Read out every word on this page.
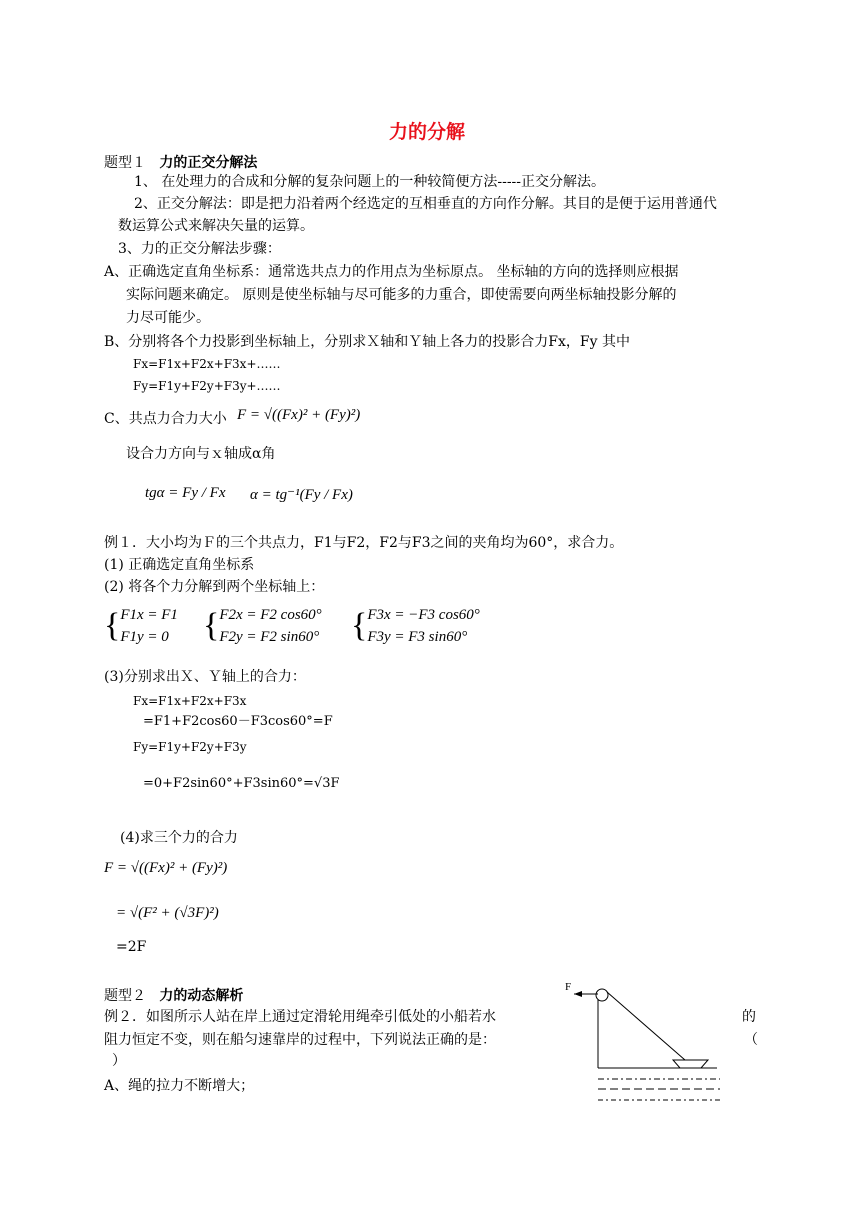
力的分解
题型１ 力的正交分解法
1、 在处理力的合成和分解的复杂问题上的一种较简便方法-----正交分解法。
2、正交分解法：即是把力沿着两个经选定的互相垂直的方向作分解。其目的是便于运用普通代
数运算公式来解决矢量的运算。
3、力的正交分解法步骤：
A、正确选定直角坐标系：通常选共点力的作用点为坐标原点。 坐标轴的方向的选择则应根据
实际问题来确定。 原则是使坐标轴与尽可能多的力重合，即使需要向两坐标轴投影分解的
力尽可能少。
B、分别将各个力投影到坐标轴上，分别求Ｘ轴和Ｙ轴上各力的投影合力Fx，Fy 其中
Fx=F1x+F2x+F3x+……
Fy=F1y+F2y+F3y+……
C、共点力合力大小 F = √((Fx)² + (Fy)²)
设合力方向与ｘ轴成α角
tgα = Fy / Fx α = tg⁻¹(Fy / Fx)
例１．大小均为Ｆ的三个共点力，F1与F2，F2与F3之间的夹角均为60°，求合力。
(1) 正确选定直角坐标系
(2) 将各个力分解到两个坐标轴上：
{ F1x = F1
F1y = 0 { F2x = F2 cos60°
F2y = F2 sin60° { F3x = −F3 cos60°
F3y = F3 sin60°
(3)分别求出Ｘ、Ｙ轴上的合力：
Fx=F1x+F2x+F3x
=F1+F2cos60－F3cos60°=F
Fy=F1y+F2y+F3y
=0+F2sin60°+F3sin60°=√3F
(4)求三个力的合力
F = √((Fx)² + (Fy)²)
= √(F² + (√3F)²)
=2F
题型２ 力的动态解析
例２．如图所示人站在岸上通过定滑轮用绳牵引低处的小船若水	的
阻力恒定不变，则在船匀速靠岸的过程中，下列说法正确的是：	（
）
A、绳的拉力不断增大；
F
